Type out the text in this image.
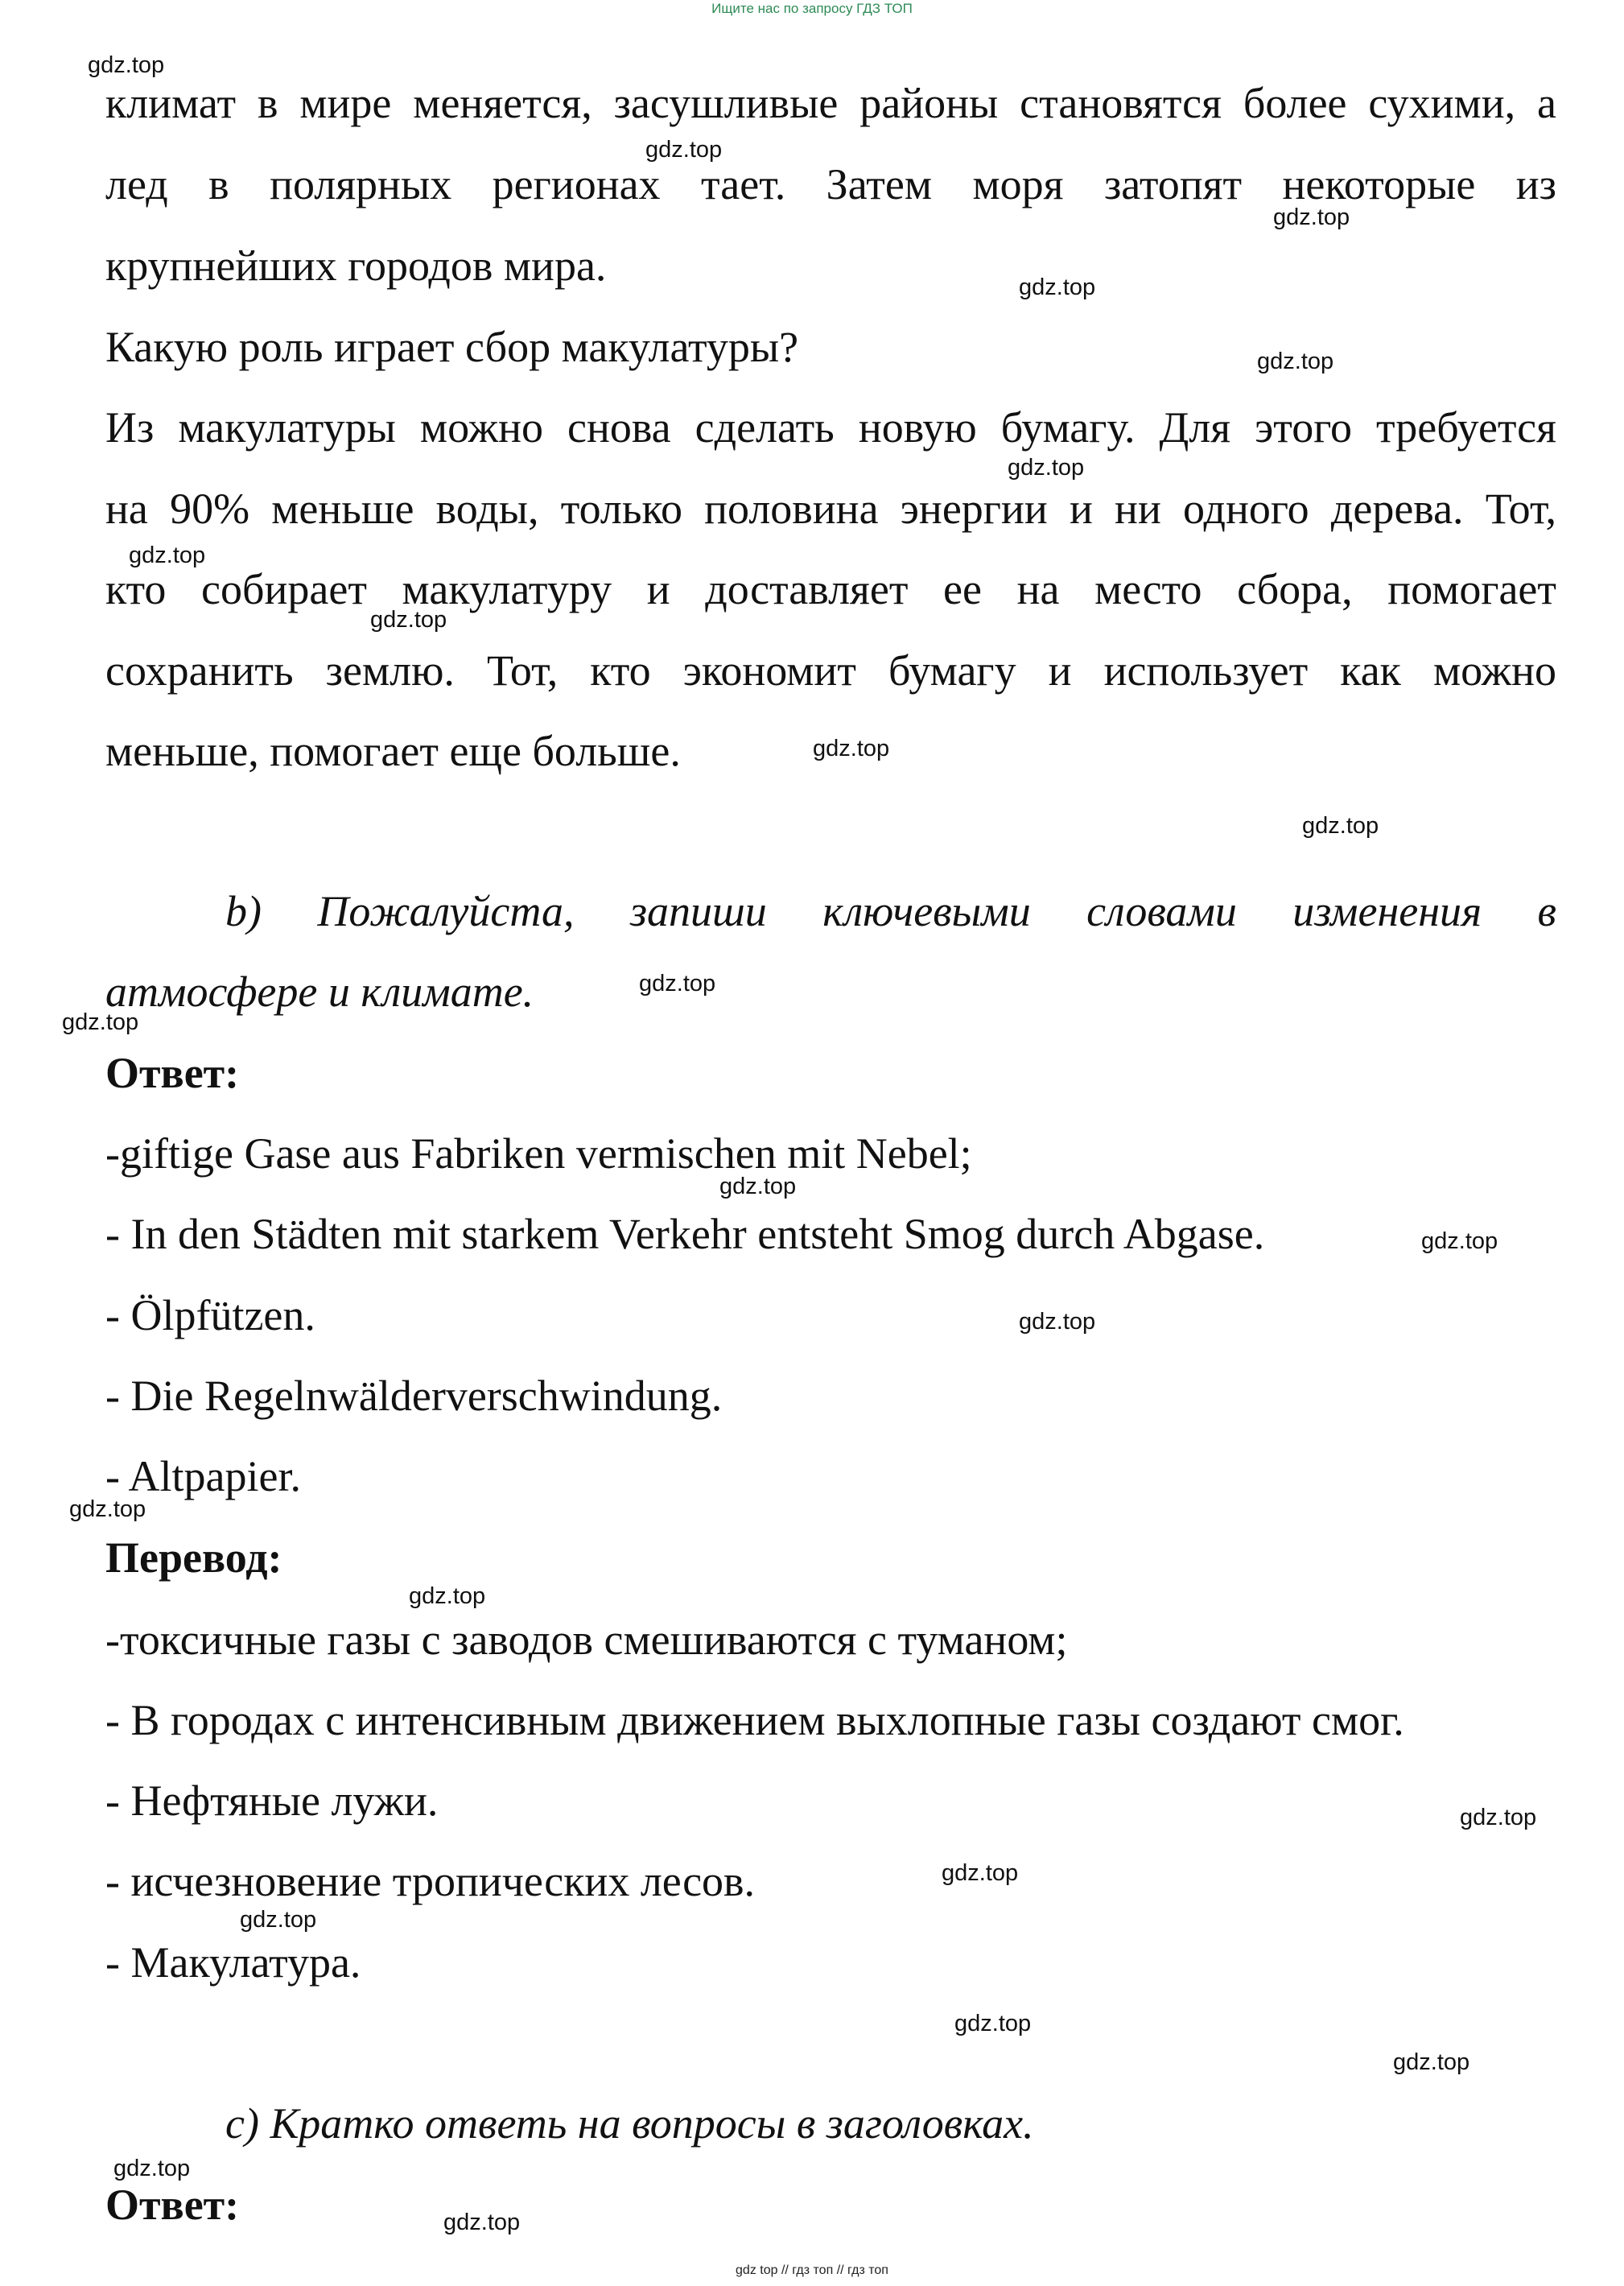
Ищите нас по запросу ГДЗ ТОП
климат в мире меняется, засушливые районы становятся более сухими, а
лед в полярных регионах тает. Затем моря затопят некоторые из
крупнейших городов мира.
Какую роль играет сбор макулатуры?
Из макулатуры можно снова сделать новую бумагу. Для этого требуется
на 90% меньше воды, только половина энергии и ни одного дерева. Тот,
кто собирает макулатуру и доставляет ее на место сбора, помогает
сохранить землю. Тот, кто экономит бумагу и использует как можно
меньше, помогает еще больше.
b) Пожалуйста, запиши ключевыми словами изменения в
атмосфере и климате.
Ответ:
-giftige Gase aus Fabriken vermischen mit Nebel;
- In den Städten mit starkem Verkehr entsteht Smog durch Abgase.
- Ölpfützen.
- Die Regelnwälderverschwindung.
- Altpapier.
Перевод:
-токсичные газы с заводов смешиваются с туманом;
- В городах с интенсивным движением выхлопные газы создают смог.
- Нефтяные лужи.
- исчезновение тропических лесов.
- Макулатура.
c) Кратко ответь на вопросы в заголовках.
Ответ:
gdz.top
gdz.top
gdz.top
gdz.top
gdz.top
gdz.top
gdz.top
gdz.top
gdz.top
gdz.top
gdz.top
gdz.top
gdz.top
gdz.top
gdz.top
gdz.top
gdz.top
gdz.top
gdz.top
gdz.top
gdz.top
gdz.top
gdz.top
gdz.top
gdz top // гдз топ // гдз топ
